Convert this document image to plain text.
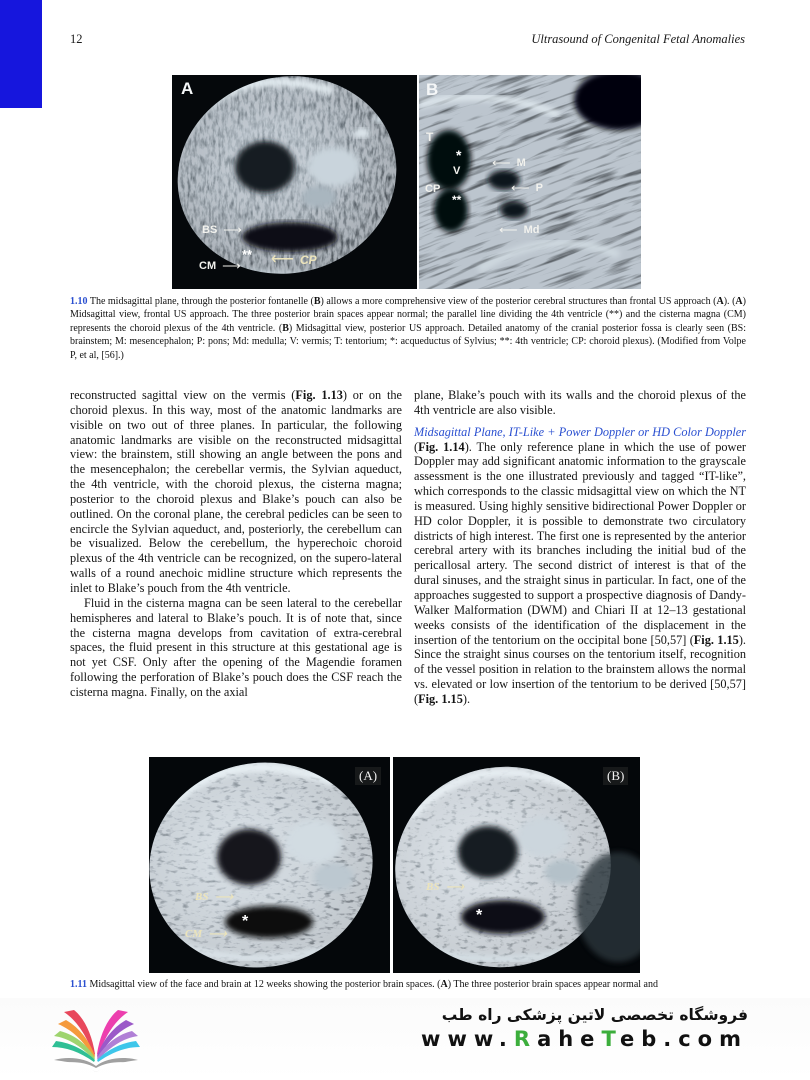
12	Ultrasound of Congenital Fetal Anomalies
A
BS ⟶
**
CM ⟶ ⟵ CP
B
T
*
V
CP
**
⟵ M
⟵ P
⟵ Md
1.10 The midsagittal plane, through the posterior fontanelle (B) allows a more comprehensive view of the posterior cerebral structures than frontal US approach (A). (A) Midsagittal view, frontal US approach. The three posterior brain spaces appear normal; the parallel line dividing the 4th ventricle (**) and the cisterna magna (CM) represents the choroid plexus of the 4th ventricle. (B) Midsagittal view, posterior US approach. Detailed anatomy of the cranial posterior fossa is clearly seen (BS: brainstem; M: mesencephalon; P: pons; Md: medulla; V: vermis; T: tentorium; *: acqueductus of Sylvius; **: 4th ventricle; CP: choroid plexus). (Modified from Volpe P, et al, [56].)

reconstructed sagittal view on the vermis (Fig. 1.13) or on the choroid plexus. In this way, most of the anatomic landmarks are visible on two out of three planes. In particular, the following anatomic landmarks are visible on the reconstructed midsagittal view: the brainstem, still showing an angle between the pons and the mesencephalon; the cerebellar vermis, the Sylvian aqueduct, the 4th ventricle, with the choroid plexus, the cisterna magna; posterior to the choroid plexus and Blake’s pouch can also be outlined. On the coronal plane, the cerebral pedicles can be seen to encircle the Sylvian aqueduct, and, posteriorly, the cerebellum can be visualized. Below the cerebellum, the hyperechoic choroid plexus of the 4th ventricle can be recognized, on the supero-lateral walls of a round anechoic midline structure which represents the inlet to Blake’s pouch from the 4th ventricle.

Fluid in the cisterna magna can be seen lateral to the cerebellar hemispheres and lateral to Blake’s pouch. It is of note that, since the cisterna magna develops from cavitation of extra-cerebral spaces, the fluid present in this structure at this gestational age is not yet CSF. Only after the opening of the Magendie foramen following the perforation of Blake’s pouch does the CSF reach the cisterna magna. Finally, on the axial

plane, Blake’s pouch with its walls and the choroid plexus of the 4th ventricle are also visible.

Midsagittal Plane, IT-Like + Power Doppler or HD Color Doppler (Fig. 1.14). The only reference plane in which the use of power Doppler may add significant anatomic information to the grayscale assessment is the one illustrated previously and tagged “IT-like”, which corresponds to the classic midsagittal view on which the NT is measured. Using highly sensitive bidirectional Power Doppler or HD color Doppler, it is possible to demonstrate two circulatory districts of high interest. The first one is represented by the anterior cerebral artery with its branches including the initial bud of the pericallosal artery. The second district of interest is that of the dural sinuses, and the straight sinus in particular. In fact, one of the approaches suggested to support a prospective diagnosis of Dandy-Walker Malformation (DWM) and Chiari II at 12–13 gestational weeks consists of the identification of the displacement in the insertion of the tentorium on the occipital bone [50,57] (Fig. 1.15). Since the straight sinus courses on the tentorium itself, recognition of the vessel position in relation to the brainstem allows the normal vs. elevated or low insertion of the tentorium to be derived [50,57] (Fig. 1.15).

(A)
BS ⟶
*
CM ⟶
(B)
BS ⟶
*
1.11 Midsagittal view of the face and brain at 12 weeks showing the posterior brain spaces. (A) The three posterior brain spaces appear normal and
فروشگاه تخصصی لاتین پزشکی راه طب
www.RaheTeb.com
